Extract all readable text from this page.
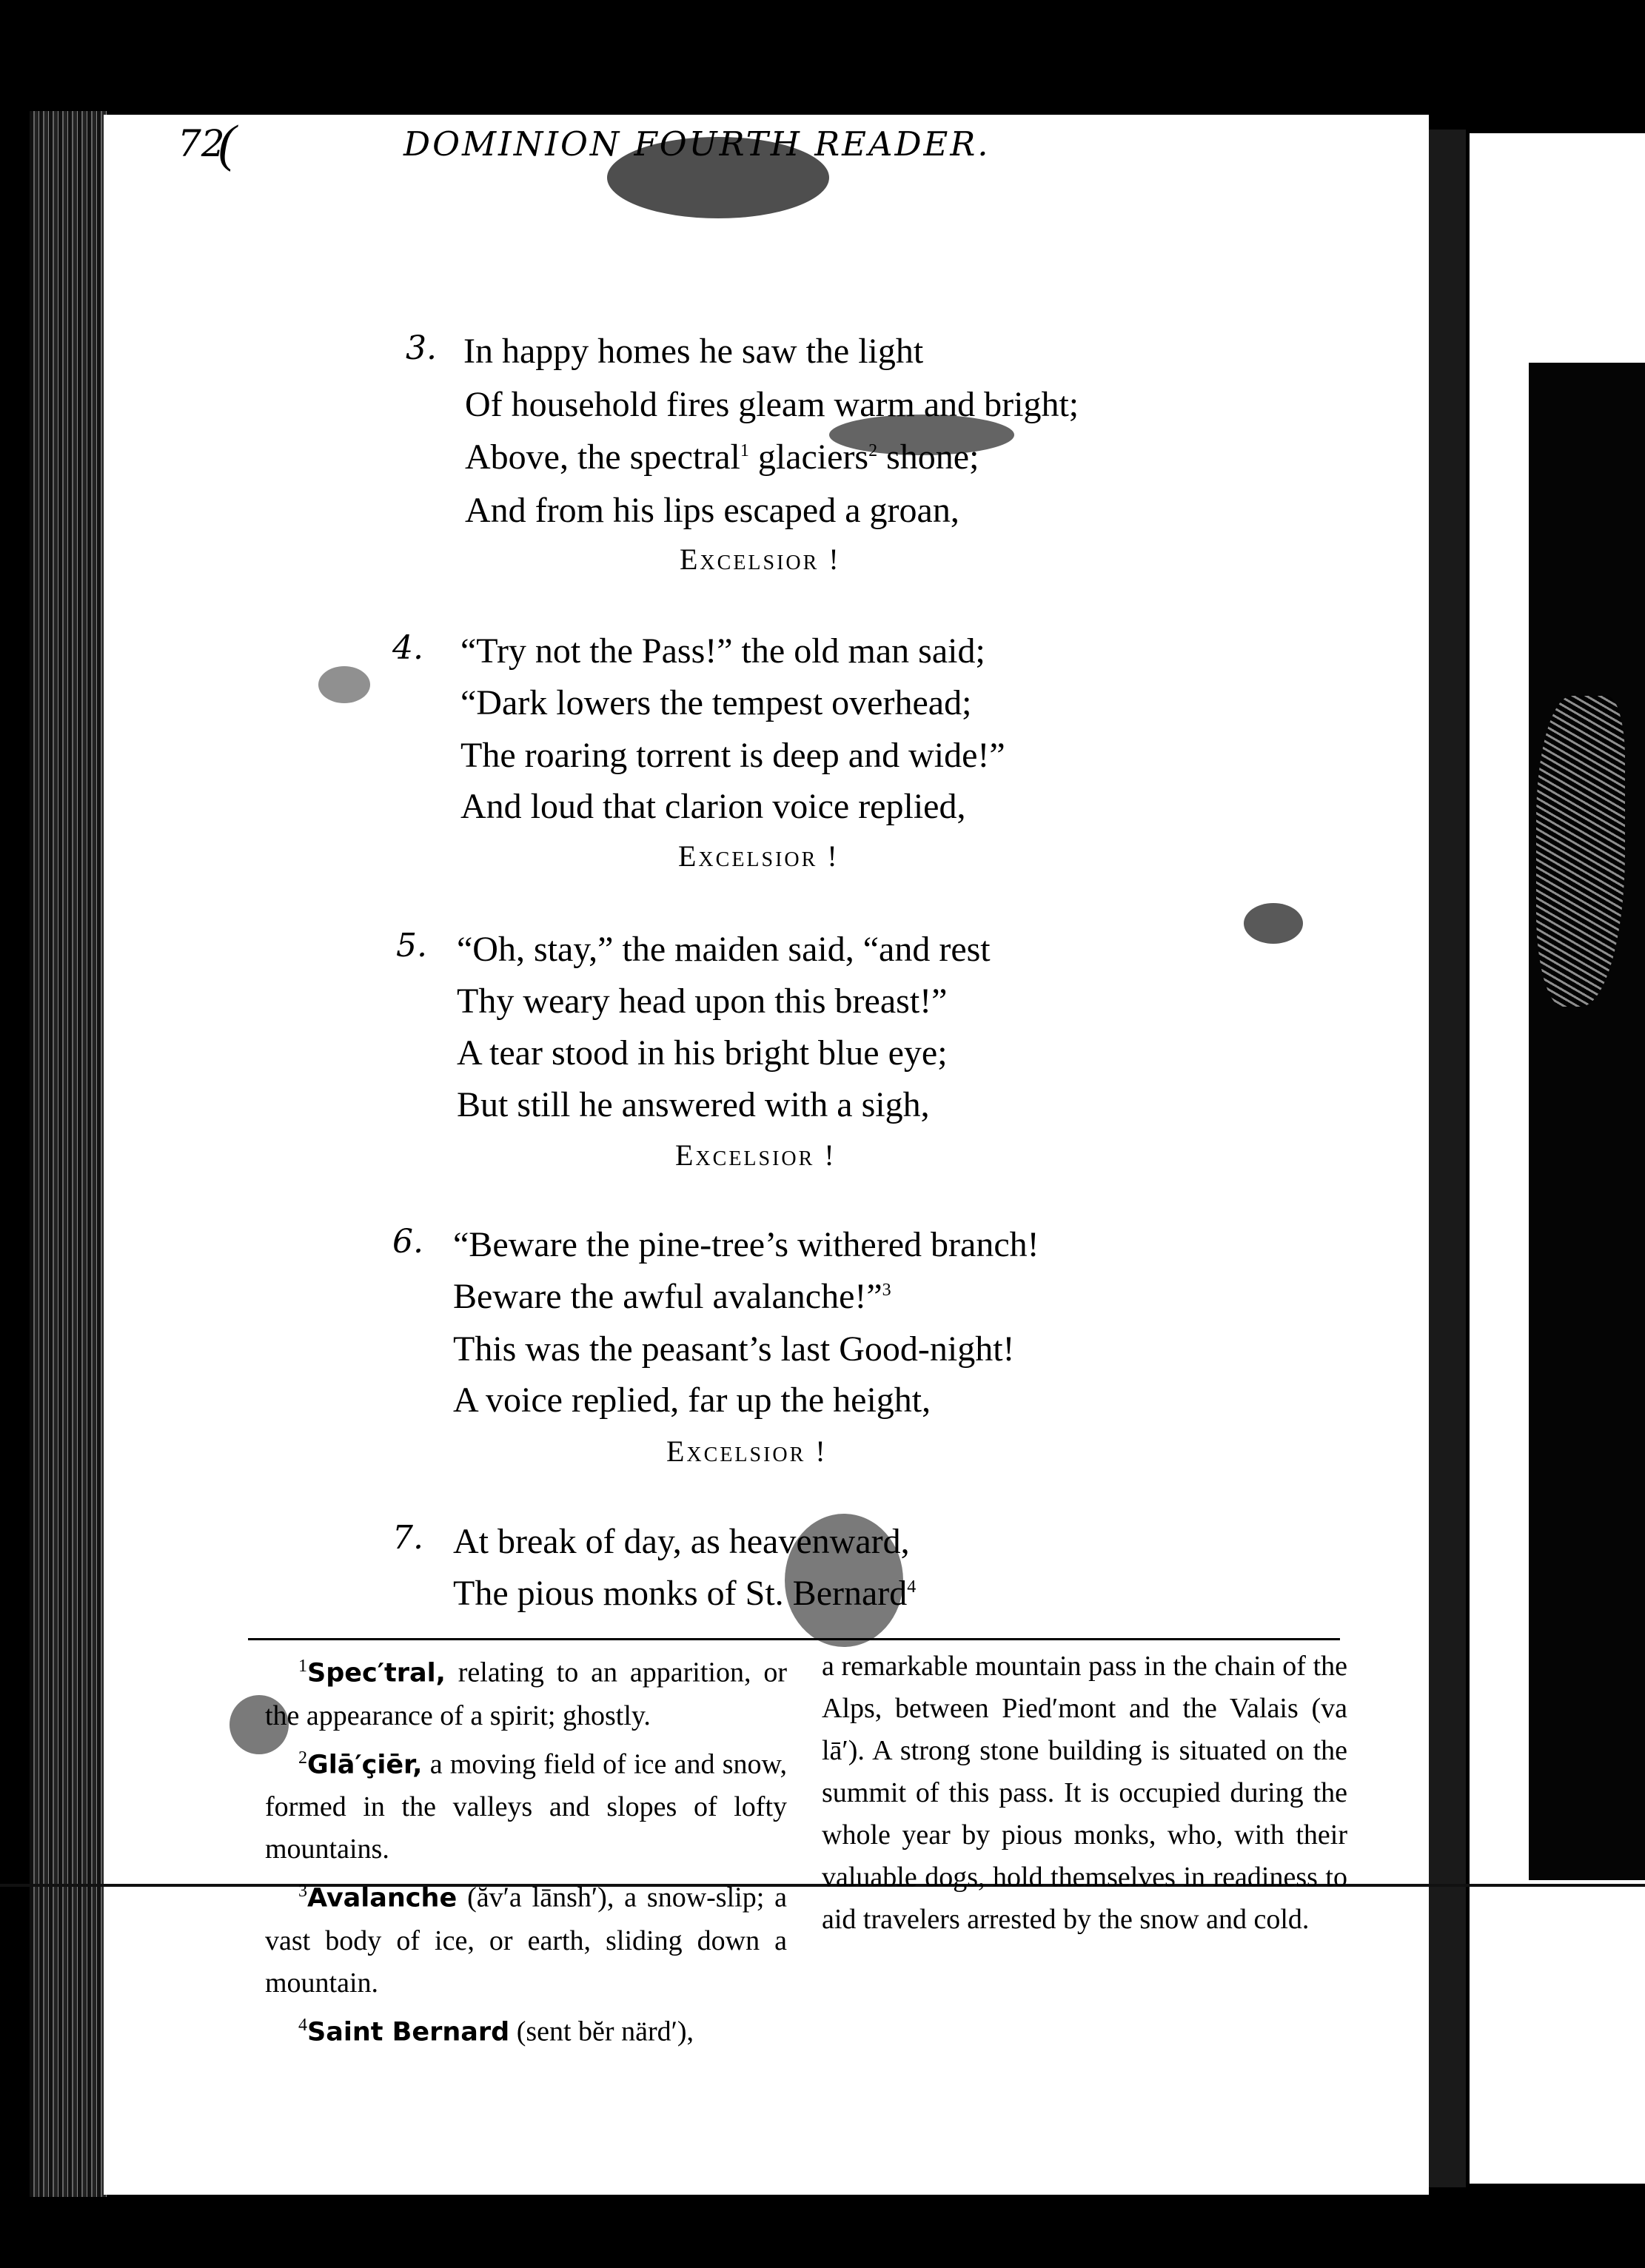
(
72	DOMINION FOURTH READER.
3. In happy homes he saw the light
Of household fires gleam warm and bright;
Above, the spectral$^1$ glaciers$^2$ shone;
And from his lips escaped a groan,
Excelsior !
4. “Try not the Pass!” the old man said;
“Dark lowers the tempest overhead;
The roaring torrent is deep and wide!”
And loud that clarion voice replied,
Excelsior !
5. “Oh, stay,” the maiden said, “and rest
Thy weary head upon this breast!”
A tear stood in his bright blue eye;
But still he answered with a sigh,
Excelsior !
6. “Beware the pine-tree’s withered branch!
Beware the awful avalanche!”$^3$
This was the peasant’s last Good-night!
A voice replied, far up the height,
Excelsior !
7. At break of day, as heavenward,
The pious monks of St. Bernard$^4$
$^1$Spec′tral, relating to an apparition, or the appearance of a spirit; ghostly.
$^2$Glā′çiēr, a moving field of ice and snow, formed in the valleys and slopes of lofty mountains.
$^3$Avalanche (ăv′a lānsh′), a snow-slip; a vast body of ice, or earth, sliding down a mountain.
$^4$Saint Bernard (sent bĕr närd′),
a remarkable mountain pass in the chain of the Alps, between Pied′mont and the Valais (va lā′). A strong stone building is situated on the summit of this pass. It is occupied during the whole year by pious monks, who, with their valuable dogs, hold themselves in readiness to aid travelers arrested by the snow and cold.
